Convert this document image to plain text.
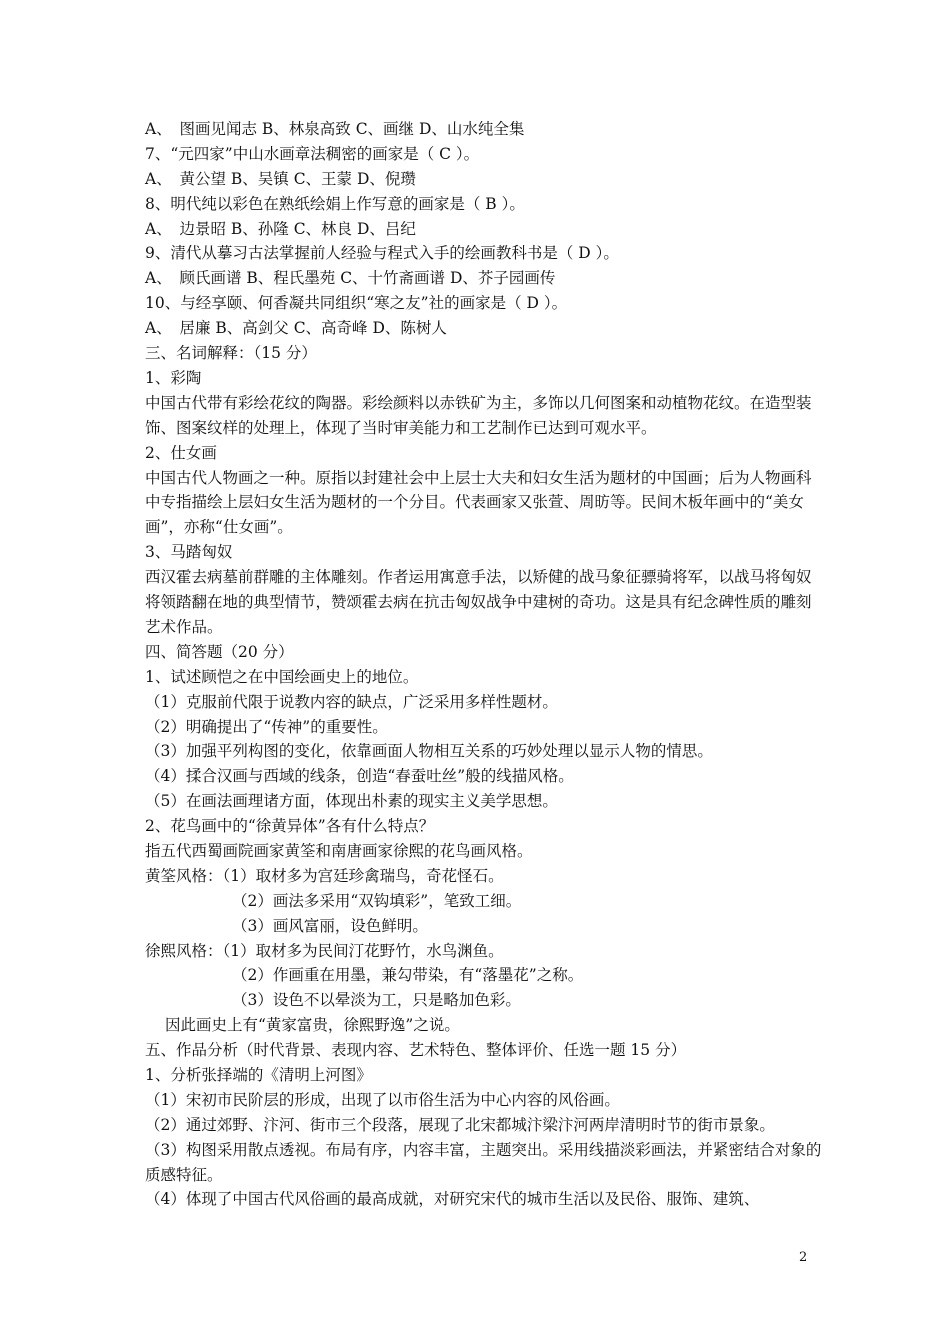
A、　图画见闻志 B、林泉高致 C、画继 D、山水纯全集
7、“元四家”中山水画章法稠密的画家是（ C ）。
A、　黄公望 B、吴镇 C、王蒙 D、倪瓒
8、明代纯以彩色在熟纸绘娟上作写意的画家是（ B ）。
A、　边景昭 B、孙隆 C、林良 D、吕纪
9、清代从摹习古法掌握前人经验与程式入手的绘画教科书是（ D ）。
A、　顾氏画谱 B、程氏墨苑 C、十竹斋画谱 D、芥子园画传
10、与经享颐、何香凝共同组织“寒之友”社的画家是（ D ）。
A、　居廉 B、高剑父 C、高奇峰 D、陈树人
三、名词解释：（15 分）
1、彩陶
中国古代带有彩绘花纹的陶器。彩绘颜料以赤铁矿为主，多饰以几何图案和动植物花纹。在造型装饰、图案纹样的处理上，体现了当时审美能力和工艺制作已达到可观水平。
2、仕女画
中国古代人物画之一种。原指以封建社会中上层士大夫和妇女生活为题材的中国画；后为人物画科中专指描绘上层妇女生活为题材的一个分目。代表画家又张萱、周昉等。民间木板年画中的“美女画”，亦称“仕女画”。
3、马踏匈奴
西汉霍去病墓前群雕的主体雕刻。作者运用寓意手法，以矫健的战马象征骠骑将军，以战马将匈奴将领踏翻在地的典型情节，赞颂霍去病在抗击匈奴战争中建树的奇功。这是具有纪念碑性质的雕刻艺术作品。
四、简答题（20 分）
1、试述顾恺之在中国绘画史上的地位。
（1）克服前代限于说教内容的缺点，广泛采用多样性题材。
（2）明确提出了“传神”的重要性。
（3）加强平列构图的变化，依靠画面人物相互关系的巧妙处理以显示人物的情思。
（4）揉合汉画与西域的线条，创造“春蚕吐丝”般的线描风格。
（5）在画法画理诸方面，体现出朴素的现实主义美学思想。
2、花鸟画中的“徐黄异体”各有什么特点？
指五代西蜀画院画家黄筌和南唐画家徐熙的花鸟画风格。
黄筌风格：（1）取材多为宫廷珍禽瑞鸟，奇花怪石。
（2）画法多采用“双钩填彩”，笔致工细。
（3）画风富丽，设色鲜明。
徐熙风格：（1）取材多为民间汀花野竹，水鸟渊鱼。
（2）作画重在用墨，兼勾带染，有“落墨花”之称。
（3）设色不以晕淡为工，只是略加色彩。
因此画史上有“黄家富贵，徐熙野逸”之说。
五、作品分析（时代背景、表现内容、艺术特色、整体评价、任选一题 15 分）
1、分析张择端的《清明上河图》
（1）宋初市民阶层的形成，出现了以市俗生活为中心内容的风俗画。
（2）通过郊野、汴河、街市三个段落，展现了北宋都城汴梁汴河两岸清明时节的街市景象。
（3）构图采用散点透视。布局有序，内容丰富，主题突出。采用线描淡彩画法，并紧密结合对象的质感特征。
（4）体现了中国古代风俗画的最高成就，对研究宋代的城市生活以及民俗、服饰、建筑、
2
